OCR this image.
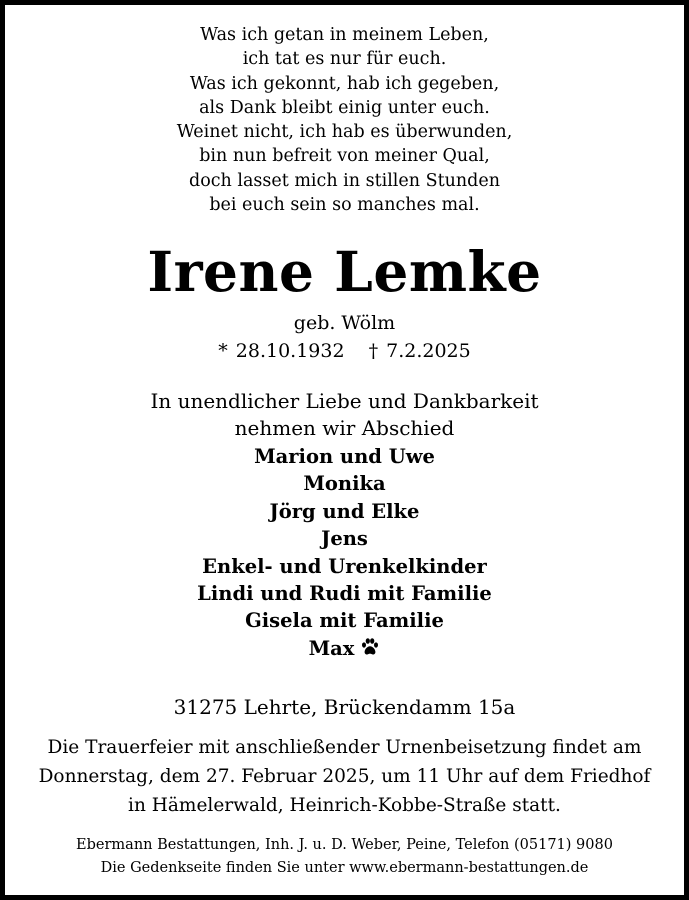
Was ich getan in meinem Leben,
ich tat es nur für euch.
Was ich gekonnt, hab ich gegeben,
als Dank bleibt einig unter euch.
Weinet nicht, ich hab es überwunden,
bin nun befreit von meiner Qual,
doch lasset mich in stillen Stunden
bei euch sein so manches mal.
Irene Lemke
geb. Wölm
* 28.10.1932 † 7.2.2025
In unendlicher Liebe und Dankbarkeit
nehmen wir Abschied
Marion und Uwe
Monika
Jörg und Elke
Jens
Enkel- und Urenkelkinder
Lindi und Rudi mit Familie
Gisela mit Familie
Max
31275 Lehrte, Brückendamm 15a
Die Trauerfeier mit anschließender Urnenbeisetzung findet am
Donnerstag, dem 27. Februar 2025, um 11 Uhr auf dem Friedhof
in Hämelerwald, Heinrich-Kobbe-Straße statt.
Ebermann Bestattungen, Inh. J. u. D. Weber, Peine, Telefon (05171) 9080
Die Gedenkseite finden Sie unter www.ebermann-bestattungen.de
